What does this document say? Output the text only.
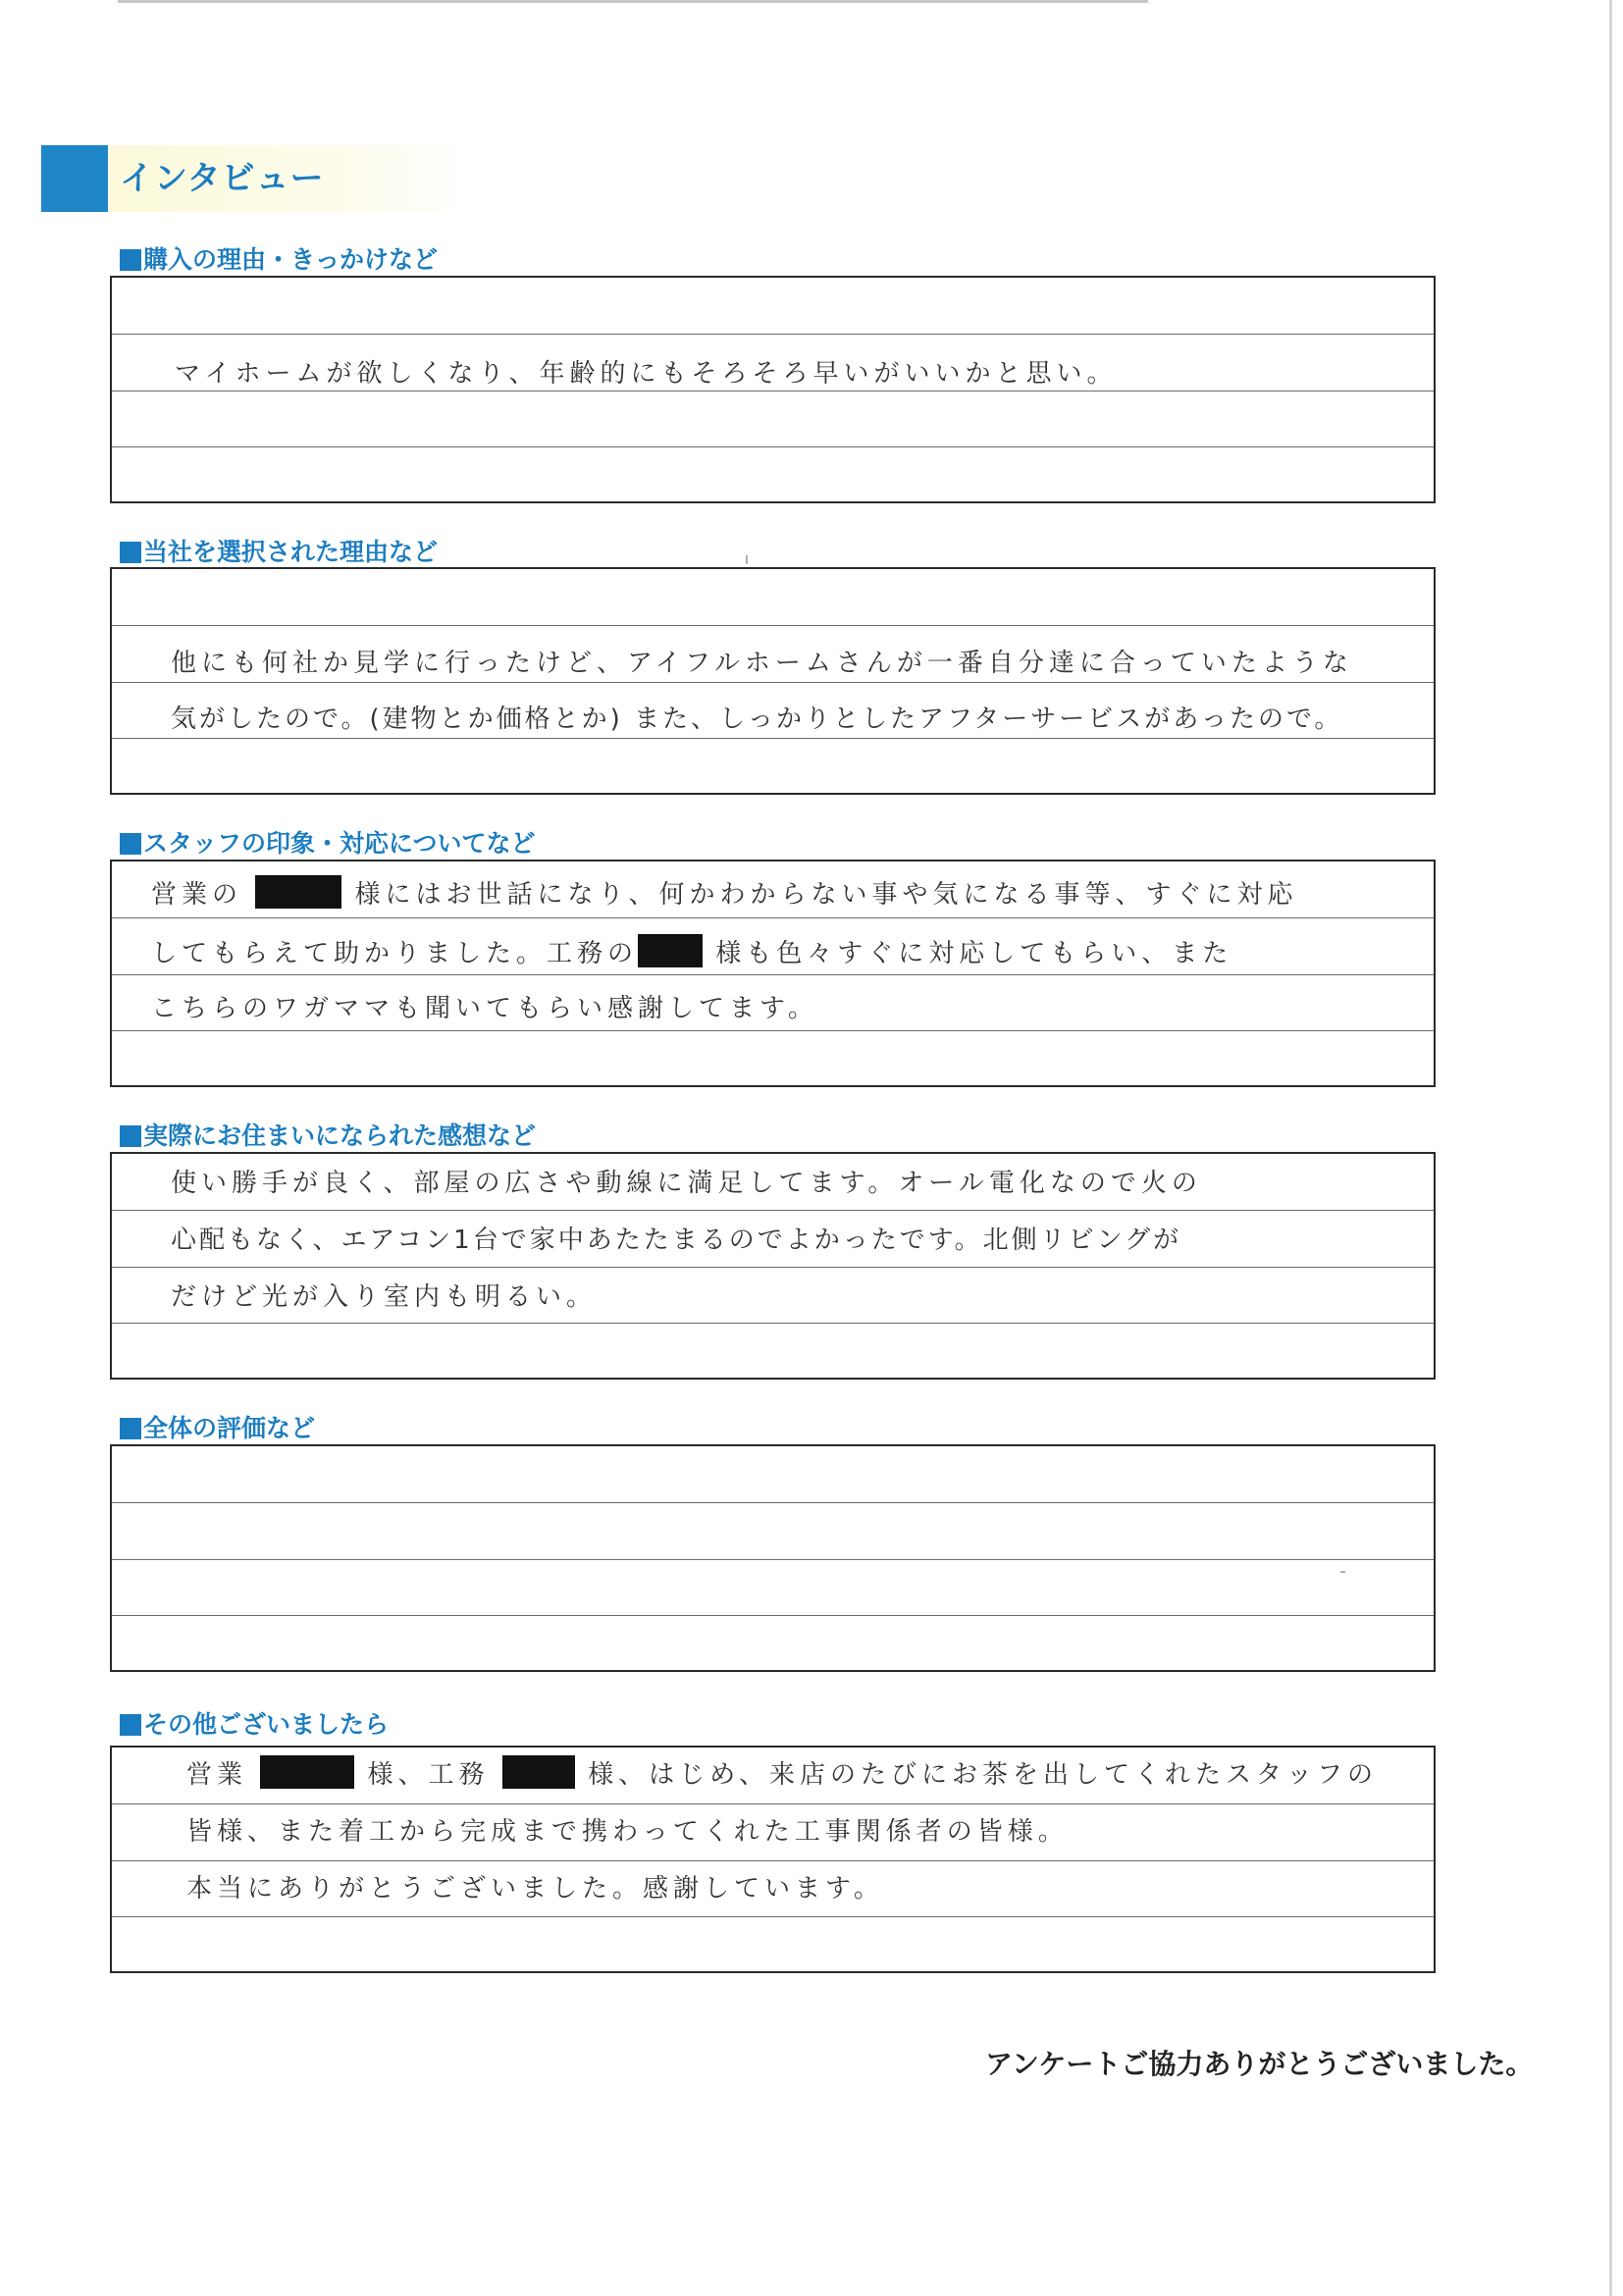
インタビュー
購入の理由・きっかけなど
マイホームが欲しくなり、年齢的にもそろそろ早いがいいかと思い。
当社を選択された理由など
他にも何社か見学に行ったけど、アイフルホームさんが一番自分達に合っていたような
気がしたので。(建物とか価格とか) また、しっかりとしたアフターサービスがあったので。
スタッフの印象・対応についてなど
営業の	様にはお世話になり、何かわからない事や気になる事等、すぐに対応
してもらえて助かりました。工務の	様も色々すぐに対応してもらい、また
こちらのワガママも聞いてもらい感謝してます。
実際にお住まいになられた感想など
使い勝手が良く、部屋の広さや動線に満足してます。オール電化なので火の
心配もなく、エアコン1台で家中あたたまるのでよかったです。北側リビングが
だけど光が入り室内も明るい。
全体の評価など
その他ございましたら
営業	様、工務	様、はじめ、来店のたびにお茶を出してくれたスタッフの
皆様、また着工から完成まで携わってくれた工事関係者の皆様。
本当にありがとうございました。感謝しています。
アンケートご協力ありがとうございました。
